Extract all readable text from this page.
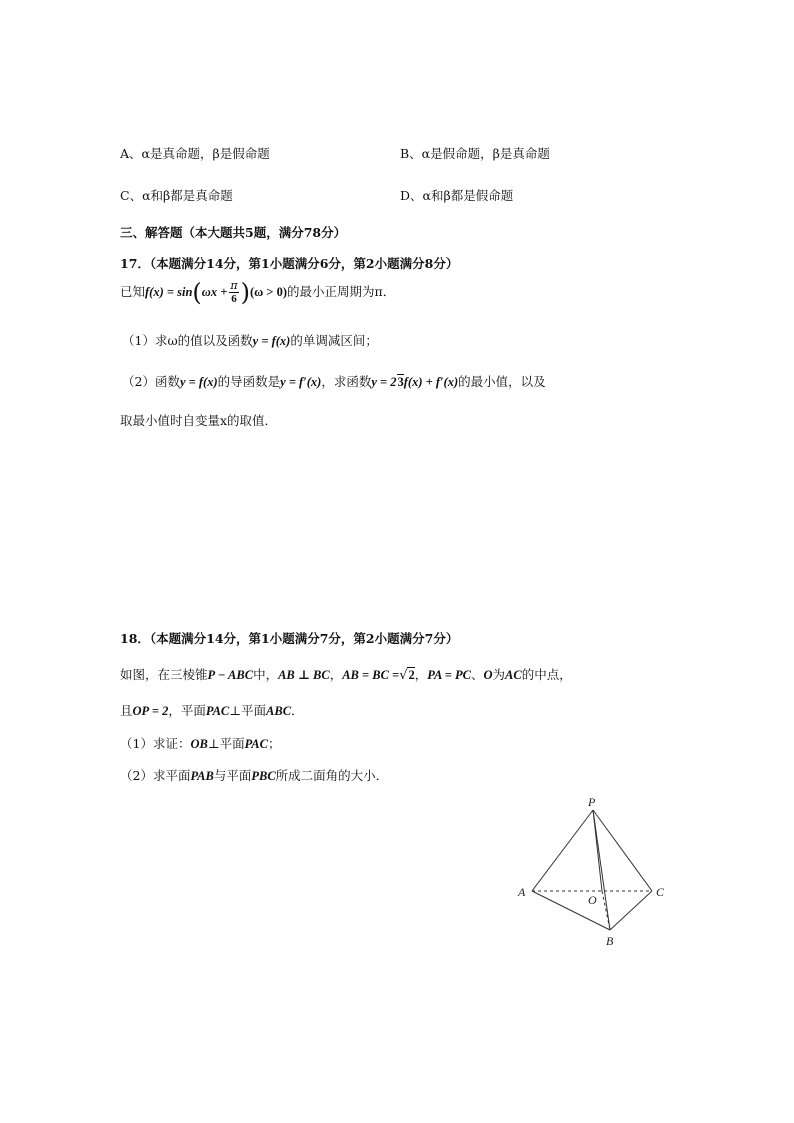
A、α是真命题，β是假命题	B、α是假命题，β是真命题
C、α和β都是真命题	D、α和β都是假命题
三、解答题（本大题共5题，满分78分）
17．（本题满分14分，第1小题满分6分，第2小题满分8分）
已知$f(x) = \sin(\omega x + \frac{\pi}{6} )(\omega > 0)$的最小正周期为π．
（1）求ω的值以及函数y = f(x)的单调减区间；
（2）函数y = f(x)的导函数是y = f′(x)，求函数y = 23f(x) + f′(x)的最小值，以及
取最小值时自变量x的取值．
18．（本题满分14分，第1小题满分7分，第2小题满分7分）
如图，在三棱锥P − ABC中，AB ⊥ BC，AB = BC =√2，PA = PC、O为AC的中点，
且OP = 2，平面PAC⊥平面ABC．
（1）求证：OB⊥平面PAC；
（2）求平面PAB与平面PBC所成二面角的大小．
P
A	C
O
B
